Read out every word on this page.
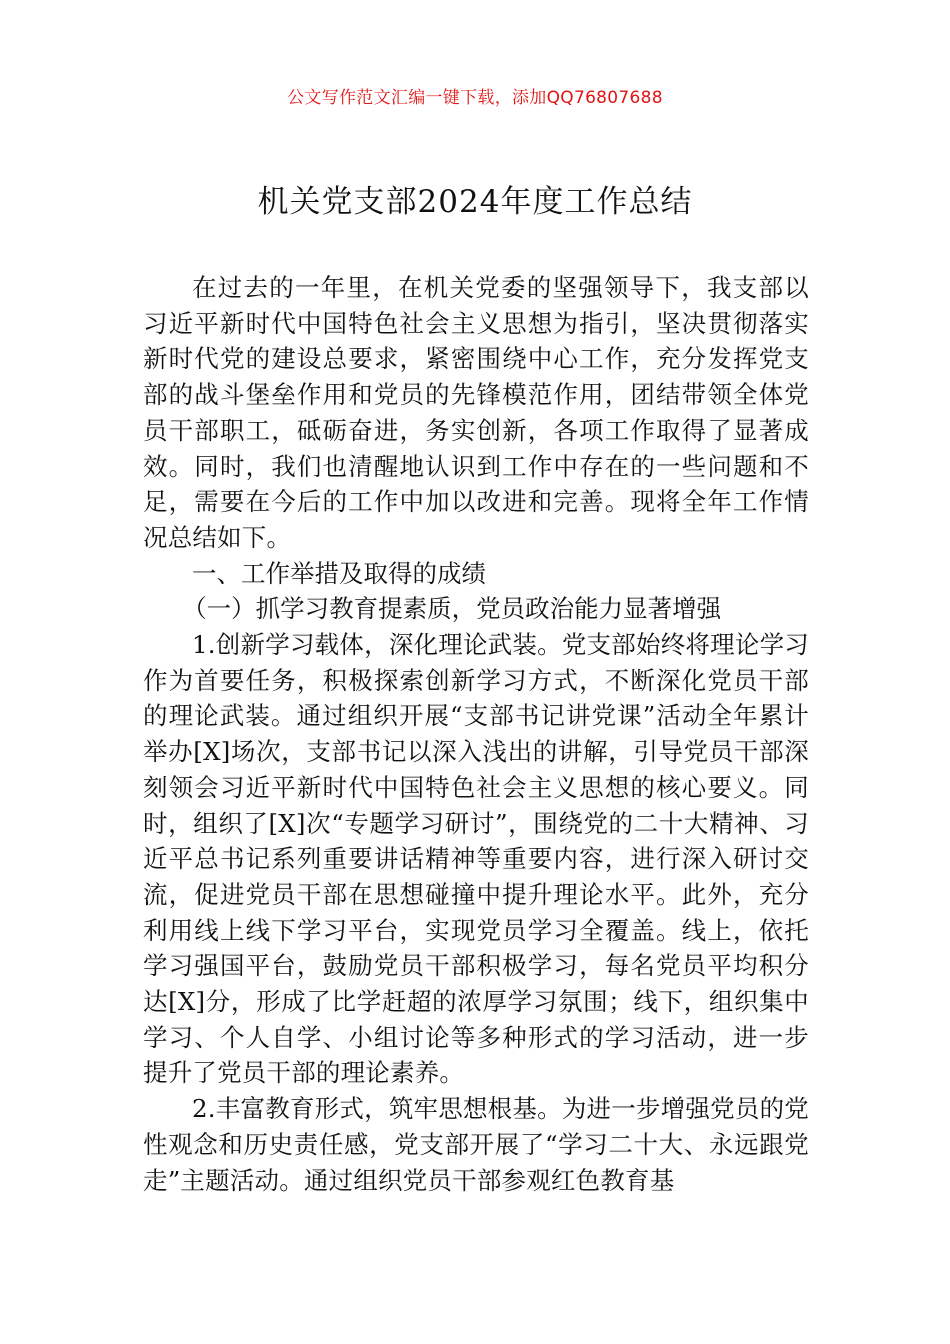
公文写作范文汇编一键下载，添加QQ76807688
机关党支部2024年度工作总结

在过去的一年里，在机关党委的坚强领导下，我支部以习近平新时代中国特色社会主义思想为指引，坚决贯彻落实新时代党的建设总要求，紧密围绕中心工作，充分发挥党支部的战斗堡垒作用和党员的先锋模范作用，团结带领全体党员干部职工，砥砺奋进，务实创新，各项工作取得了显著成效。同时，我们也清醒地认识到工作中存在的一些问题和不足，需要在今后的工作中加以改进和完善。现将全年工作情况总结如下。

一、工作举措及取得的成绩

（一）抓学习教育提素质，党员政治能力显著增强

1.创新学习载体，深化理论武装。党支部始终将理论学习作为首要任务，积极探索创新学习方式，不断深化党员干部的理论武装。通过组织开展“支部书记讲党课”活动全年累计举办[X]场次，支部书记以深入浅出的讲解，引导党员干部深刻领会习近平新时代中国特色社会主义思想的核心要义。同时，组织了[X]次“专题学习研讨”，围绕党的二十大精神、习近平总书记系列重要讲话精神等重要内容，进行深入研讨交流，促进党员干部在思想碰撞中提升理论水平。此外，充分利用线上线下学习平台，实现党员学习全覆盖。线上，依托学习强国平台，鼓励党员干部积极学习，每名党员平均积分达[X]分，形成了比学赶超的浓厚学习氛围；线下，组织集中学习、个人自学、小组讨论等多种形式的学习活动，进一步提升了党员干部的理论素养。

2.丰富教育形式，筑牢思想根基。为进一步增强党员的党性观念和历史责任感，党支部开展了“学习二十大、永远跟党走”主题活动。通过组织党员干部参观红色教育基
